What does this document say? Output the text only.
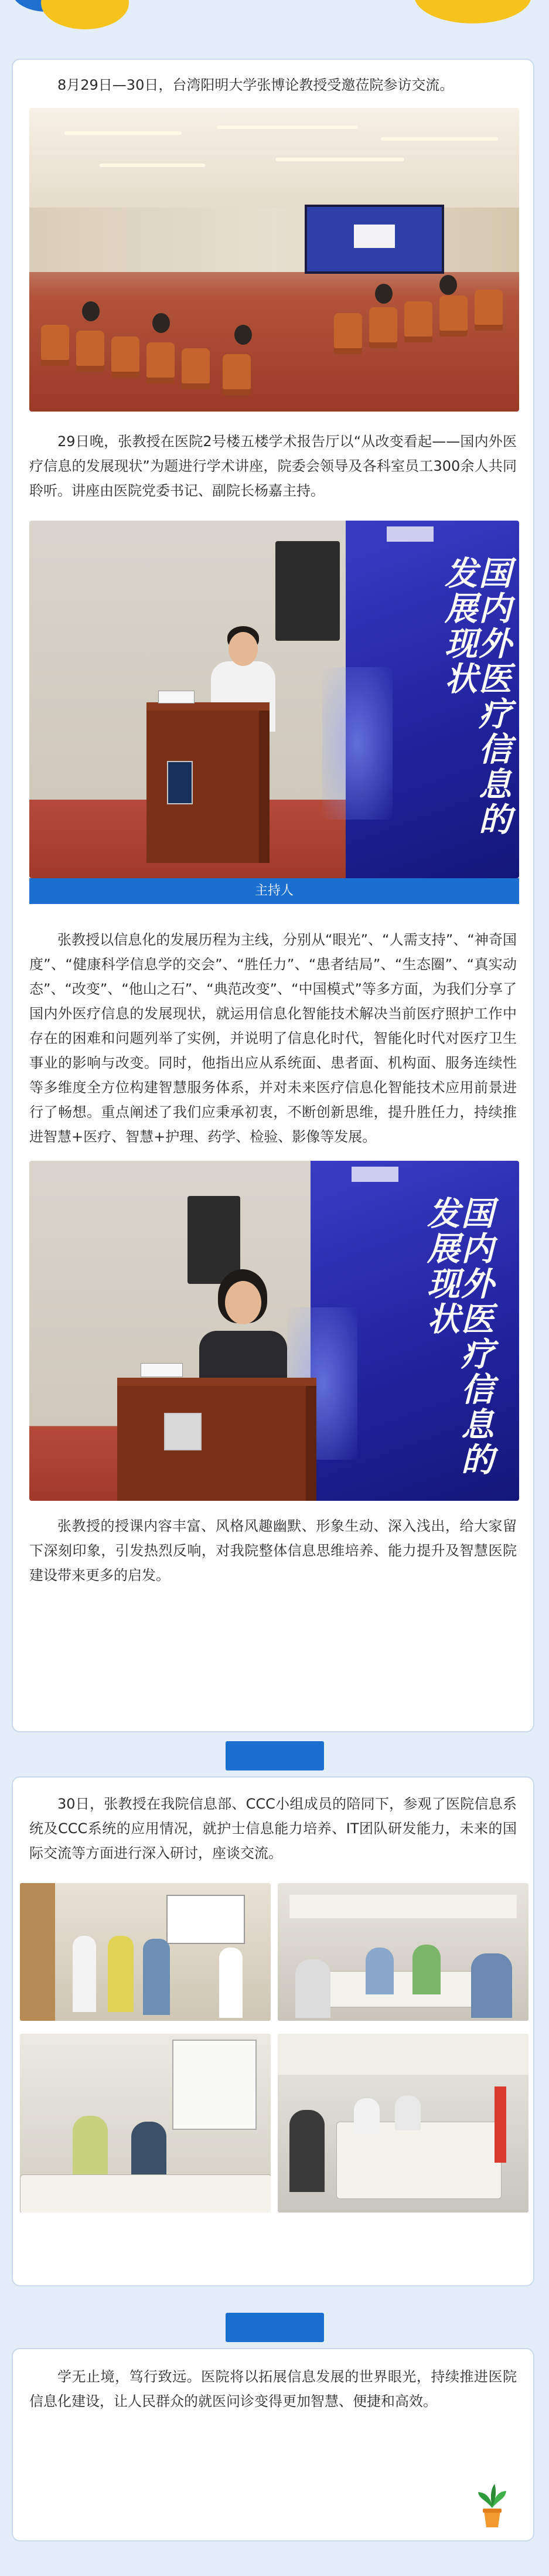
8月29日—30日，台湾阳明大学张博论教授受邀莅院参访交流。

29日晚，张教授在医院2号楼五楼学术报告厅以“从改变看起——国内外医疗信息的发展现状”为题进行学术讲座，院委会领导及各科室员工300余人共同聆听。讲座由医院党委书记、副院长杨嘉主持。

国内外医疗信息的发展现状

主持人

张教授以信息化的发展历程为主线，分别从“眼光”、“人需支持”、“神奇国度”、“健康科学信息学的交会”、“胜任力”、“患者结局”、“生态圈”、“真实动态”、“改变”、“他山之石”、“典范改变”、“中国模式”等多方面，为我们分享了国内外医疗信息的发展现状，就运用信息化智能技术解决当前医疗照护工作中存在的困难和问题列举了实例，并说明了信息化时代，智能化时代对医疗卫生事业的影响与改变。同时，他指出应从系统面、患者面、机构面、服务连续性等多维度全方位构建智慧服务体系，并对未来医疗信息化智能技术应用前景进行了畅想。重点阐述了我们应秉承初衷，不断创新思维，提升胜任力，持续推进智慧+医疗、智慧+护理、药学、检验、影像等发展。

国内外医疗信息的发展现状

张教授的授课内容丰富、风格风趣幽默、形象生动、深入浅出，给大家留下深刻印象，引发热烈反响，对我院整体信息思维培养、能力提升及智慧医院建设带来更多的启发。

30日，张教授在我院信息部、CCC小组成员的陪同下，参观了医院信息系统及CCC系统的应用情况，就护士信息能力培养、IT团队研发能力，未来的国际交流等方面进行深入研讨，座谈交流。

学无止境，笃行致远。医院将以拓展信息发展的世界眼光，持续推进医院信息化建设，让人民群众的就医问诊变得更加智慧、便捷和高效。
